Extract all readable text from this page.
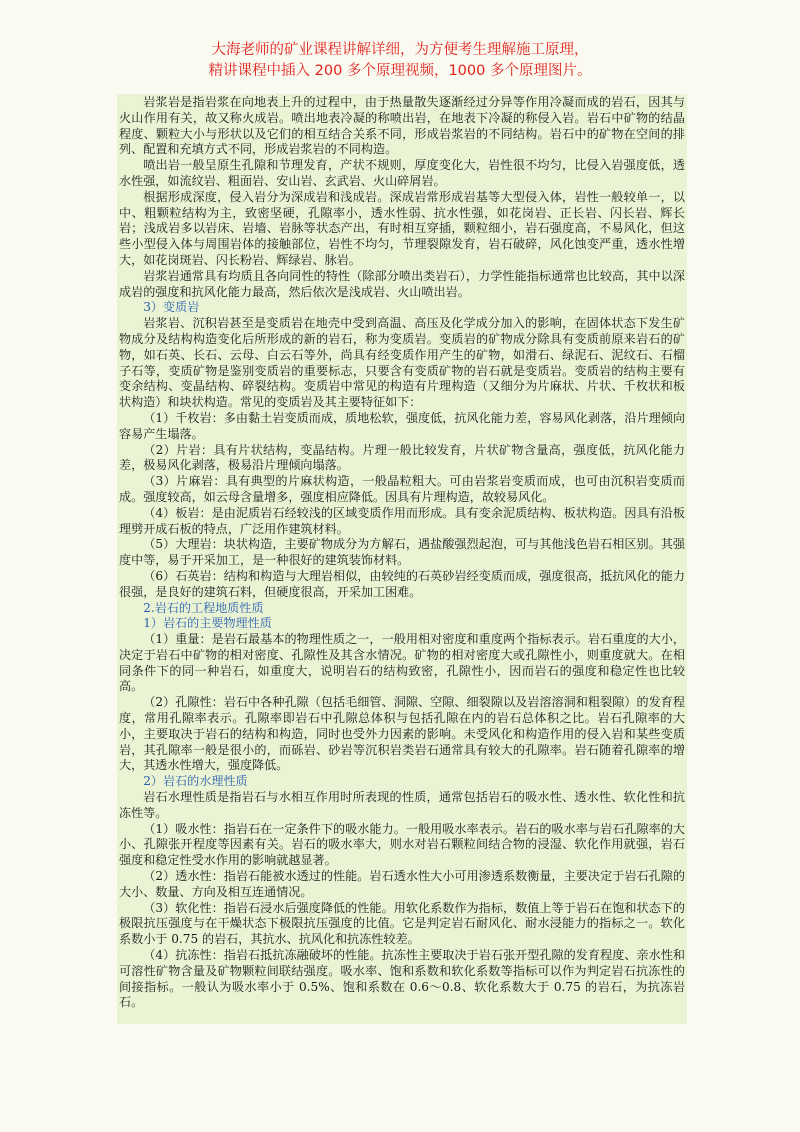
大海老师的矿业课程讲解详细，为方便考生理解施工原理，
精讲课程中插入 200 多个原理视频，1000 多个原理图片。

岩浆岩是指岩浆在向地表上升的过程中，由于热量散失逐渐经过分异等作用冷凝而成的岩石，因其与火山作用有关，故又称火成岩。喷出地表冷凝的称喷出岩，在地表下冷凝的称侵入岩。岩石中矿物的结晶程度、颗粒大小与形状以及它们的相互结合关系不同，形成岩浆岩的不同结构。岩石中的矿物在空间的排列、配置和充填方式不同，形成岩浆岩的不同构造。

喷出岩一般呈原生孔隙和节理发育，产状不规则，厚度变化大，岩性很不均匀，比侵入岩强度低，透水性强，如流纹岩、粗面岩、安山岩、玄武岩、火山碎屑岩。

根据形成深度，侵入岩分为深成岩和浅成岩。深成岩常形成岩基等大型侵入体，岩性一般较单一，以中、粗颗粒结构为主，致密坚硬，孔隙率小，透水性弱、抗水性强，如花岗岩、正长岩、闪长岩、辉长岩；浅成岩多以岩床、岩墙、岩脉等状态产出，有时相互穿插，颗粒细小，岩石强度高，不易风化，但这些小型侵入体与周围岩体的接触部位，岩性不均匀，节理裂隙发育，岩石破碎，风化蚀变严重，透水性增大，如花岗斑岩、闪长粉岩、辉绿岩、脉岩。

岩浆岩通常具有均质且各向同性的特性（除部分喷出类岩石），力学性能指标通常也比较高，其中以深成岩的强度和抗风化能力最高，然后依次是浅成岩、火山喷出岩。

3）变质岩

岩浆岩、沉积岩甚至是变质岩在地壳中受到高温、高压及化学成分加入的影响，在固体状态下发生矿物成分及结构构造变化后所形成的新的岩石，称为变质岩。变质岩的矿物成分除具有变质前原来岩石的矿物，如石英、长石、云母、白云石等外，尚具有经变质作用产生的矿物，如滑石、绿泥石、泥纹石、石榴子石等，变质矿物是鉴别变质岩的重要标志，只要含有变质矿物的岩石就是变质岩。变质岩的结构主要有变余结构、变晶结构、碎裂结构。变质岩中常见的构造有片理构造（又细分为片麻状、片状、千枚状和板状构造）和块状构造。常见的变质岩及其主要特征如下：

（1）千枚岩：多由黏土岩变质而成，质地松软，强度低，抗风化能力差，容易风化剥落，沿片理倾向容易产生塌落。

（2）片岩：具有片状结构，变晶结构。片理一般比较发育，片状矿物含量高，强度低，抗风化能力差，极易风化剥落，极易沿片理倾向塌落。

（3）片麻岩：具有典型的片麻状构造，一般晶粒粗大。可由岩浆岩变质而成，也可由沉积岩变质而成。强度较高，如云母含量增多，强度相应降低。因具有片理构造，故较易风化。

（4）板岩：是由泥质岩石经较浅的区域变质作用而形成。具有变余泥质结构、板状构造。因具有沿板理劈开成石板的特点，广泛用作建筑材料。

（5）大理岩：块状构造，主要矿物成分为方解石，遇盐酸强烈起泡，可与其他浅色岩石相区别。其强度中等，易于开采加工，是一种很好的建筑装饰材料。

（6）石英岩：结构和构造与大理岩相似，由较纯的石英砂岩经变质而成，强度很高，抵抗风化的能力很强，是良好的建筑石料，但硬度很高，开采加工困难。

2.岩石的工程地质性质

1）岩石的主要物理性质

（1）重量：是岩石最基本的物理性质之一，一般用相对密度和重度两个指标表示。岩石重度的大小，决定于岩石中矿物的相对密度、孔隙性及其含水情况。矿物的相对密度大或孔隙性小，则重度就大。在相同条件下的同一种岩石，如重度大，说明岩石的结构致密，孔隙性小，因而岩石的强度和稳定性也比较高。

（2）孔隙性：岩石中各种孔隙（包括毛细管、洞隙、空隙、细裂隙以及岩溶溶洞和粗裂隙）的发育程度，常用孔隙率表示。孔隙率即岩石中孔隙总体积与包括孔隙在内的岩石总体积之比。岩石孔隙率的大小，主要取决于岩石的结构和构造，同时也受外力因素的影响。未受风化和构造作用的侵入岩和某些变质岩，其孔隙率一般是很小的，而砾岩、砂岩等沉积岩类岩石通常具有较大的孔隙率。岩石随着孔隙率的增大，其透水性增大，强度降低。

2）岩石的水理性质

岩石水理性质是指岩石与水相互作用时所表现的性质，通常包括岩石的吸水性、透水性、软化性和抗冻性等。

（1）吸水性：指岩石在一定条件下的吸水能力。一般用吸水率表示。岩石的吸水率与岩石孔隙率的大小、孔隙张开程度等因素有关。岩石的吸水率大，则水对岩石颗粒间结合物的浸湿、软化作用就强，岩石强度和稳定性受水作用的影响就越显著。

（2）透水性：指岩石能被水透过的性能。岩石透水性大小可用渗透系数衡量，主要决定于岩石孔隙的大小、数量、方向及相互连通情况。

（3）软化性：指岩石浸水后强度降低的性能。用软化系数作为指标，数值上等于岩石在饱和状态下的极限抗压强度与在干燥状态下极限抗压强度的比值。它是判定岩石耐风化、耐水浸能力的指标之一。软化系数小于 0.75 的岩石，其抗水、抗风化和抗冻性较差。

（4）抗冻性：指岩石抵抗冻融破坏的性能。抗冻性主要取决于岩石张开型孔隙的发育程度、亲水性和可溶性矿物含量及矿物颗粒间联结强度。吸水率、饱和系数和软化系数等指标可以作为判定岩石抗冻性的间接指标。一般认为吸水率小于 0.5%、饱和系数在 0.6～0.8、软化系数大于 0.75 的岩石，为抗冻岩石。
